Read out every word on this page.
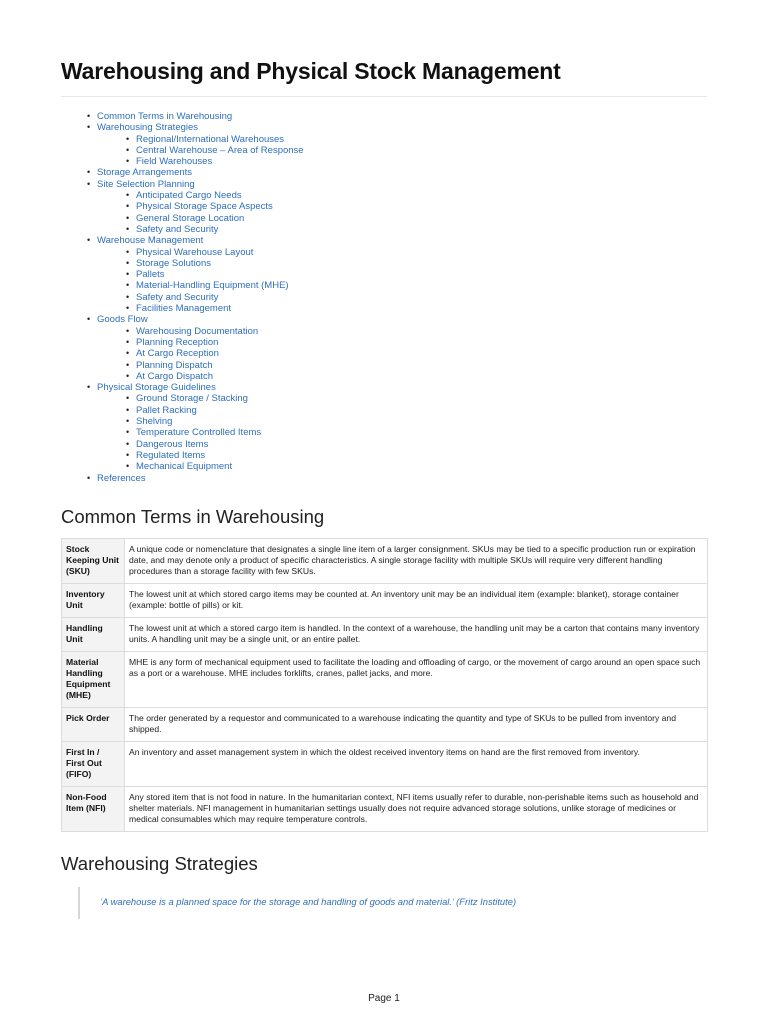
Warehousing and Physical Stock Management
• Common Terms in Warehousing
• Warehousing Strategies
• Regional/International Warehouses
• Central Warehouse – Area of Response
• Field Warehouses
• Storage Arrangements
• Site Selection Planning
• Anticipated Cargo Needs
• Physical Storage Space Aspects
• General Storage Location
• Safety and Security
• Warehouse Management
• Physical Warehouse Layout
• Storage Solutions
• Pallets
• Material-Handling Equipment (MHE)
• Safety and Security
• Facilities Management
• Goods Flow
• Warehousing Documentation
• Planning Reception
• At Cargo Reception
• Planning Dispatch
• At Cargo Dispatch
• Physical Storage Guidelines
• Ground Storage / Stacking
• Pallet Racking
• Shelving
• Temperature Controlled Items
• Dangerous Items
• Regulated Items
• Mechanical Equipment
• References
Common Terms in Warehousing
Stock Keeping Unit (SKU)	A unique code or nomenclature that designates a single line item of a larger consignment. SKUs may be tied to a specific production run or expiration date, and may denote only a product of specific characteristics. A single storage facility with multiple SKUs will require very different handling procedures than a storage facility with few SKUs.
Inventory Unit	The lowest unit at which stored cargo items may be counted at. An inventory unit may be an individual item (example: blanket), storage container (example: bottle of pills) or kit.
Handling Unit	The lowest unit at which a stored cargo item is handled. In the context of a warehouse, the handling unit may be a carton that contains many inventory units. A handling unit may be a single unit, or an entire pallet.
Material Handling Equipment (MHE)	MHE is any form of mechanical equipment used to facilitate the loading and offloading of cargo, or the movement of cargo around an open space such as a port or a warehouse. MHE includes forklifts, cranes, pallet jacks, and more.
Pick Order	The order generated by a requestor and communicated to a warehouse indicating the quantity and type of SKUs to be pulled from inventory and shipped.
First In / First Out (FIFO)	An inventory and asset management system in which the oldest received inventory items on hand are the first removed from inventory.
Non-Food Item (NFI)	Any stored item that is not food in nature. In the humanitarian context, NFI items usually refer to durable, non-perishable items such as household and shelter materials. NFI management in humanitarian settings usually does not require advanced storage solutions, unlike storage of medicines or medical consumables which may require temperature controls.
Warehousing Strategies
‘A warehouse is a planned space for the storage and handling of goods and material.’ (Fritz Institute)
Page 1
